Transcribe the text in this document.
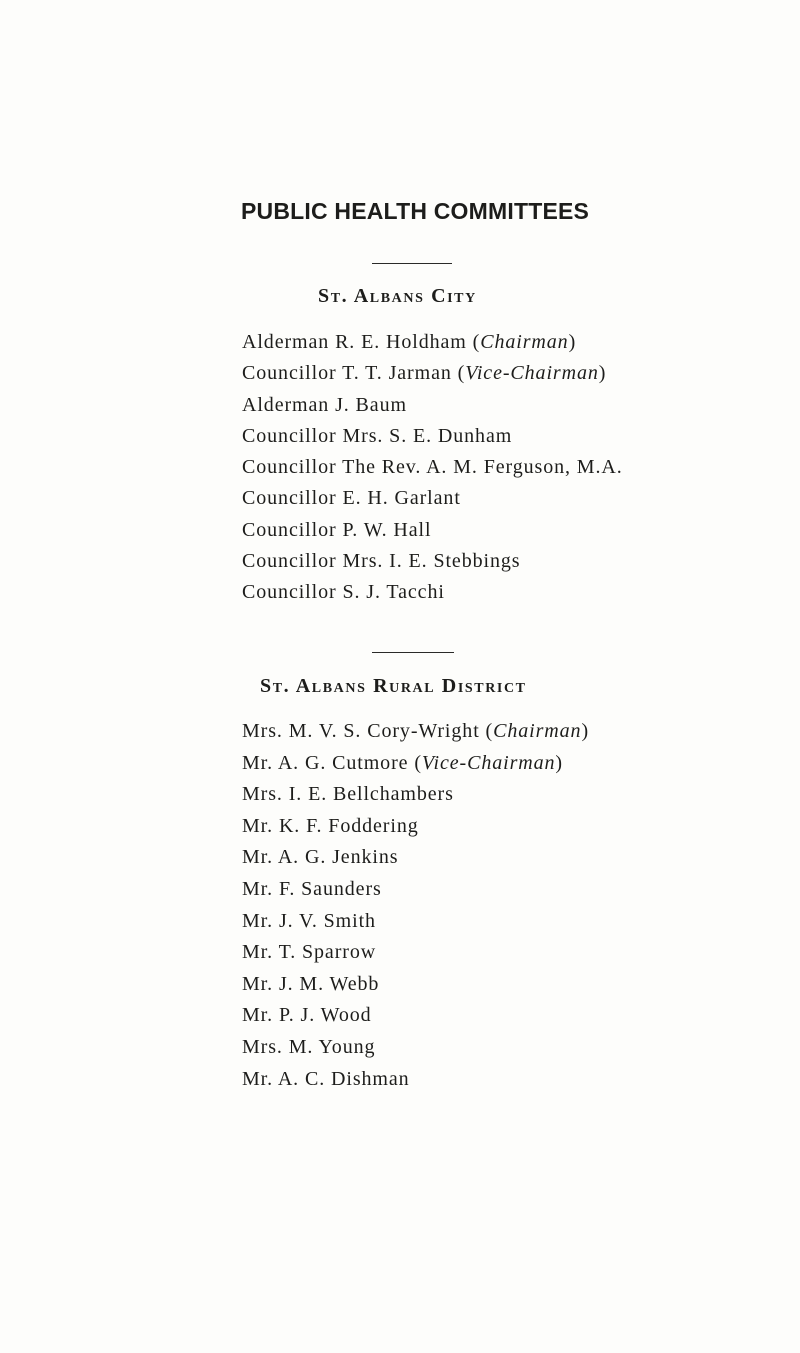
PUBLIC HEALTH COMMITTEES
St. Albans City
Alderman R. E. Holdham (Chairman)
Councillor T. T. Jarman (Vice-Chairman)
Alderman J. Baum
Councillor Mrs. S. E. Dunham
Councillor The Rev. A. M. Ferguson, M.A.
Councillor E. H. Garlant
Councillor P. W. Hall
Councillor Mrs. I. E. Stebbings
Councillor S. J. Tacchi
St. Albans Rural District
Mrs. M. V. S. Cory-Wright (Chairman)
Mr. A. G. Cutmore (Vice-Chairman)
Mrs. I. E. Bellchambers
Mr. K. F. Foddering
Mr. A. G. Jenkins
Mr. F. Saunders
Mr. J. V. Smith
Mr. T. Sparrow
Mr. J. M. Webb
Mr. P. J. Wood
Mrs. M. Young
Mr. A. C. Dishman
